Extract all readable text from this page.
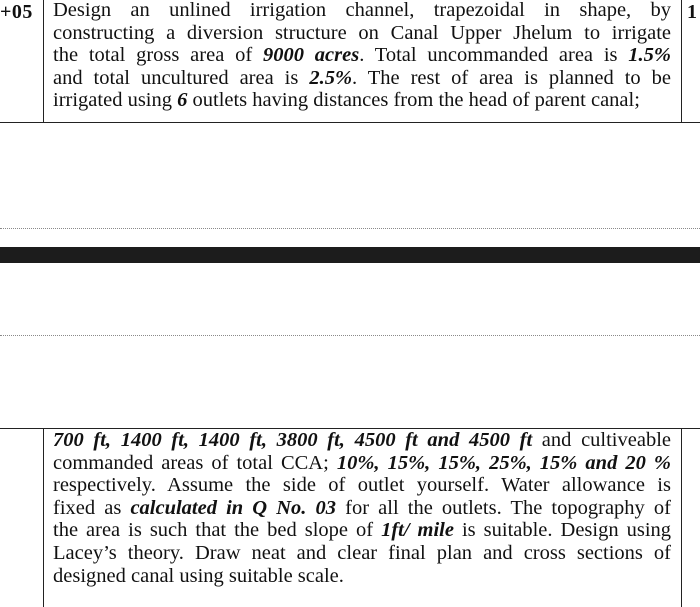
+05	1
Design an unlined irrigation channel, trapezoidal in shape, by
constructing a diversion structure on Canal Upper Jhelum to irrigate
the total gross area of 9000 acres. Total uncommanded area is 1.5%
and total uncultured area is 2.5%. The rest of area is planned to be
irrigated using 6 outlets having distances from the head of parent canal;
700 ft, 1400 ft, 1400 ft, 3800 ft, 4500 ft and 4500 ft and cultiveable
commanded areas of total CCA; 10%, 15%, 15%, 25%, 15% and 20 %
respectively. Assume the side of outlet yourself. Water allowance is
fixed as calculated in Q No. 03 for all the outlets. The topography of
the area is such that the bed slope of 1ft/ mile is suitable. Design using
Lacey’s theory. Draw neat and clear final plan and cross sections of
designed canal using suitable scale.
